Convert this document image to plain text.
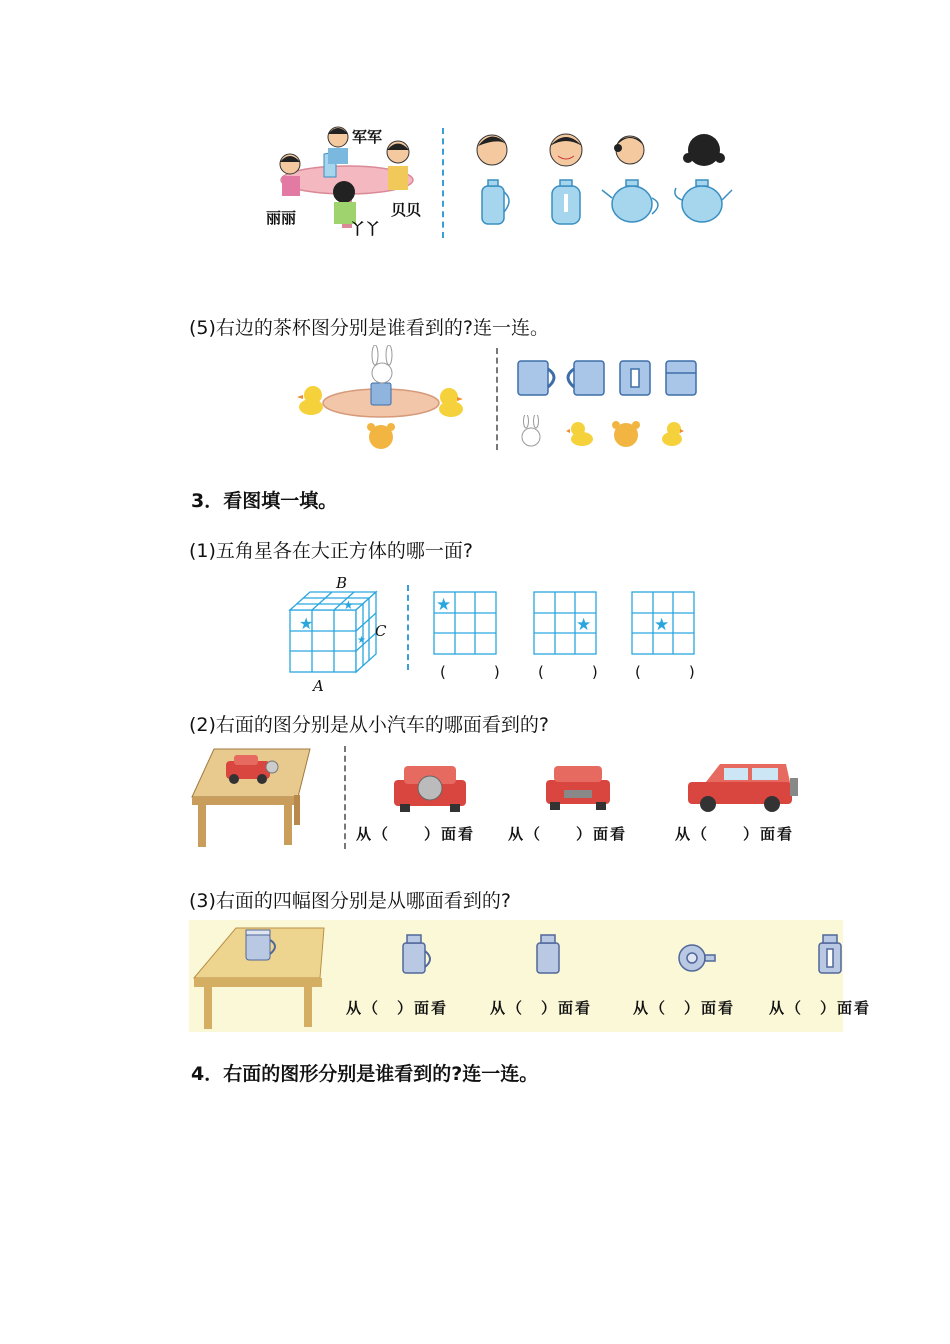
军军
丽丽	贝贝
丫丫
(5)右边的茶杯图分别是谁看到的?连一连。
3．看图填一填。
(1)五角星各在大正方体的哪一面?
★
★
★
B
C
A
★
★	★
(　　) (　　) (　　)
(2)右面的图分别是从小汽车的哪面看到的?
从（　　）面看 从（　　）面看	从（　　）面看
(3)右面的四幅图分别是从哪面看到的?
从（　）面看	从（　）面看	从（　）面看 从（　）面看
4．右面的图形分别是谁看到的?连一连。
